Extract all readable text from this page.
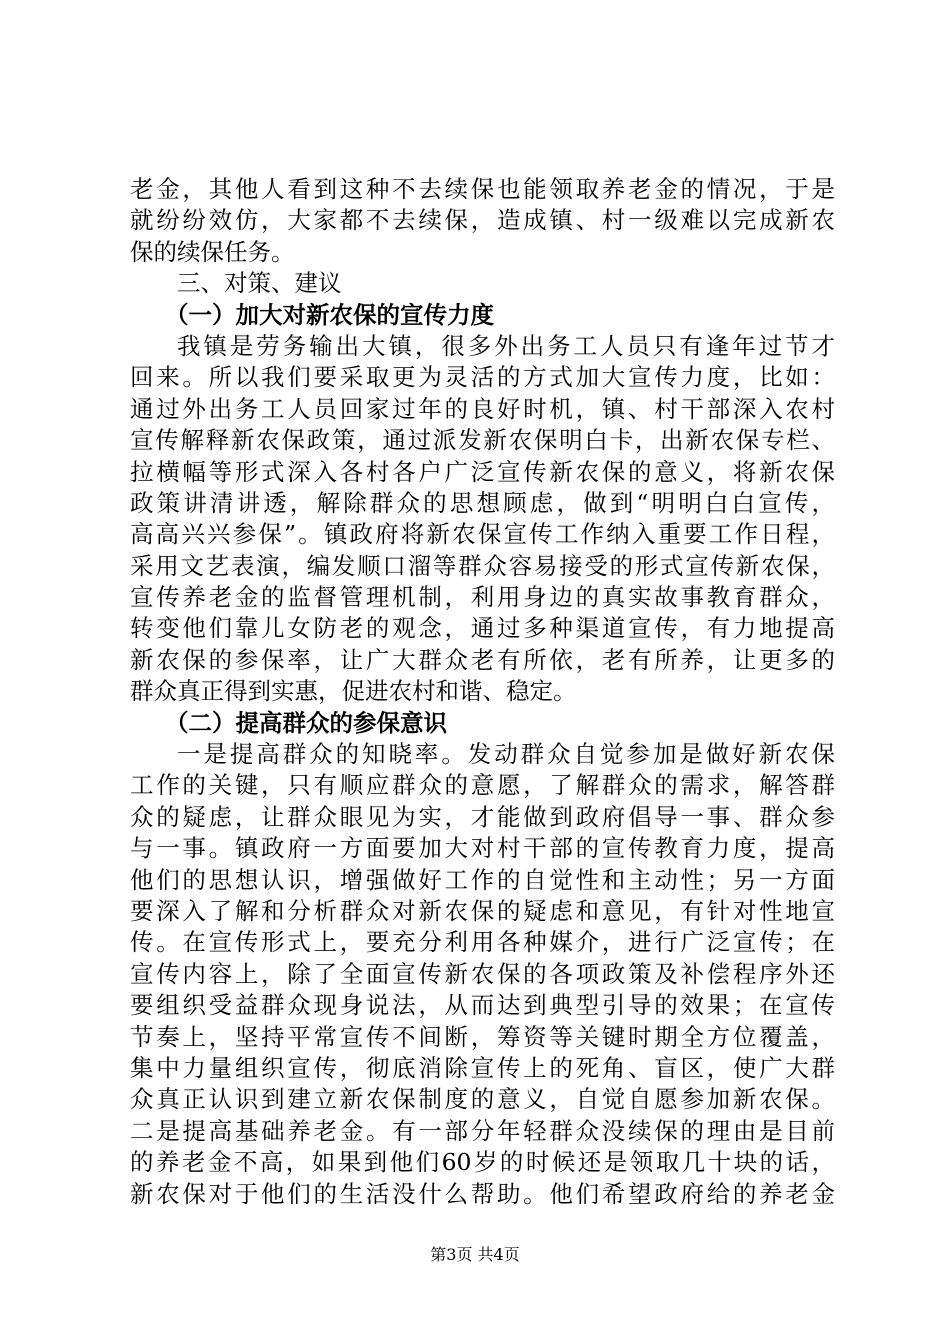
老金，其他人看到这种不去续保也能领取养老金的情况，于是
就纷纷效仿，大家都不去续保，造成镇、村一级难以完成新农
保的续保任务。
三、对策、建议
（一）加大对新农保的宣传力度
我镇是劳务输出大镇，很多外出务工人员只有逢年过节才
回来。所以我们要采取更为灵活的方式加大宣传力度，比如：
通过外出务工人员回家过年的良好时机，镇、村干部深入农村
宣传解释新农保政策，通过派发新农保明白卡，出新农保专栏、
拉横幅等形式深入各村各户广泛宣传新农保的意义，将新农保
政策讲清讲透，解除群众的思想顾虑，做到“明明白白宣传，
高高兴兴参保”。镇政府将新农保宣传工作纳入重要工作日程，
采用文艺表演，编发顺口溜等群众容易接受的形式宣传新农保，
宣传养老金的监督管理机制，利用身边的真实故事教育群众，
转变他们靠儿女防老的观念，通过多种渠道宣传，有力地提高
新农保的参保率，让广大群众老有所依，老有所养，让更多的
群众真正得到实惠，促进农村和谐、稳定。
（二）提高群众的参保意识
一是提高群众的知晓率。发动群众自觉参加是做好新农保
工作的关键，只有顺应群众的意愿，了解群众的需求，解答群
众的疑虑，让群众眼见为实，才能做到政府倡导一事、群众参
与一事。镇政府一方面要加大对村干部的宣传教育力度，提高
他们的思想认识，增强做好工作的自觉性和主动性；另一方面
要深入了解和分析群众对新农保的疑虑和意见，有针对性地宣
传。在宣传形式上，要充分利用各种媒介，进行广泛宣传；在
宣传内容上，除了全面宣传新农保的各项政策及补偿程序外还
要组织受益群众现身说法，从而达到典型引导的效果；在宣传
节奏上，坚持平常宣传不间断，筹资等关键时期全方位覆盖，
集中力量组织宣传，彻底消除宣传上的死角、盲区，使广大群
众真正认识到建立新农保制度的意义，自觉自愿参加新农保。
二是提高基础养老金。有一部分年轻群众没续保的理由是目前
的养老金不高，如果到他们60岁的时候还是领取几十块的话，
新农保对于他们的生活没什么帮助。他们希望政府给的养老金
第3页 共4页
